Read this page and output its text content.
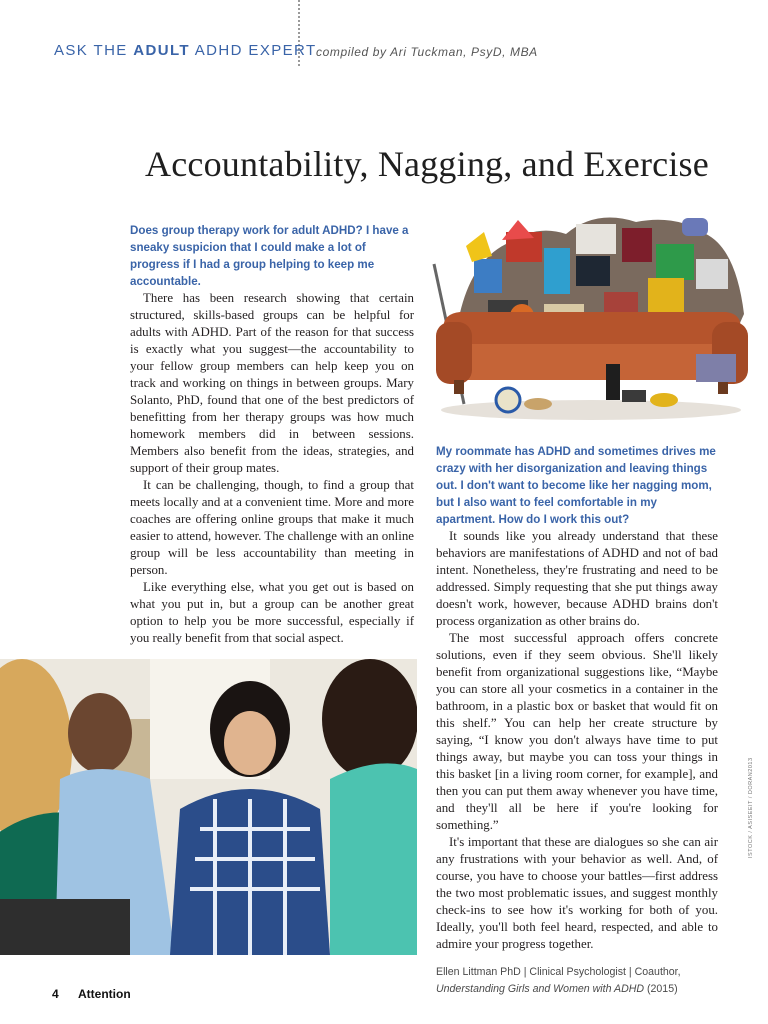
ASK THE ADULT ADHD EXPERT compiled by Ari Tuckman, PsyD, MBA
Accountability, Nagging, and Exercise

Does group therapy work for adult ADHD? I have a sneaky suspicion that I could make a lot of progress if I had a group helping to keep me accountable.

There has been research showing that certain structured, skills-based groups can be helpful for adults with ADHD. Part of the reason for that success is exactly what you suggest—the accountability to your fellow group members can help keep you on track and working on things in between groups. Mary Solanto, PhD, found that one of the best predictors of benefitting from her therapy groups was how much homework members did in between sessions. Members also benefit from the ideas, strategies, and support of their group mates.

It can be challenging, though, to find a group that meets locally and at a convenient time. More and more coaches are offering online groups that make it much easier to attend, however. The challenge with an online group will be less accountability than meeting in person.

Like everything else, what you get out is based on what you put in, but a group can be another great option to help you be more successful, especially if you really benefit from that social aspect.

My roommate has ADHD and sometimes drives me crazy with her disorganization and leaving things out. I don't want to become like her nagging mom, but I also want to feel comfortable in my apartment. How do I work this out?

It sounds like you already understand that these behaviors are manifestations of ADHD and not of bad intent. Nonetheless, they're frustrating and need to be addressed. Simply requesting that she put things away doesn't work, however, because ADHD brains don't process organization as other brains do.

The most successful approach offers concrete solutions, even if they seem obvious. She'll likely benefit from organizational suggestions like, “Maybe you can store all your cosmetics in a container in the bathroom, in a plastic box or basket that would fit on this shelf.” You can help her create structure by saying, “I know you don't always have time to put things away, but maybe you can toss your things in this basket [in a living room corner, for example], and then you can put them away whenever you have time, and they'll all be here if you're looking for something.”

It's important that these are dialogues so she can air any frustrations with your behavior as well. And, of course, you have to choose your battles—first address the two most problematic issues, and suggest monthly check-ins to see how it's working for both of you. Ideally, you'll both feel heard, respected, and able to admire your progress together.

Ellen Littman PhD | Clinical Psychologist | Coauthor, Understanding Girls and Women with ADHD (2015)

ISTOCK / ASISEEIT / DORAN2013
4 Attention
